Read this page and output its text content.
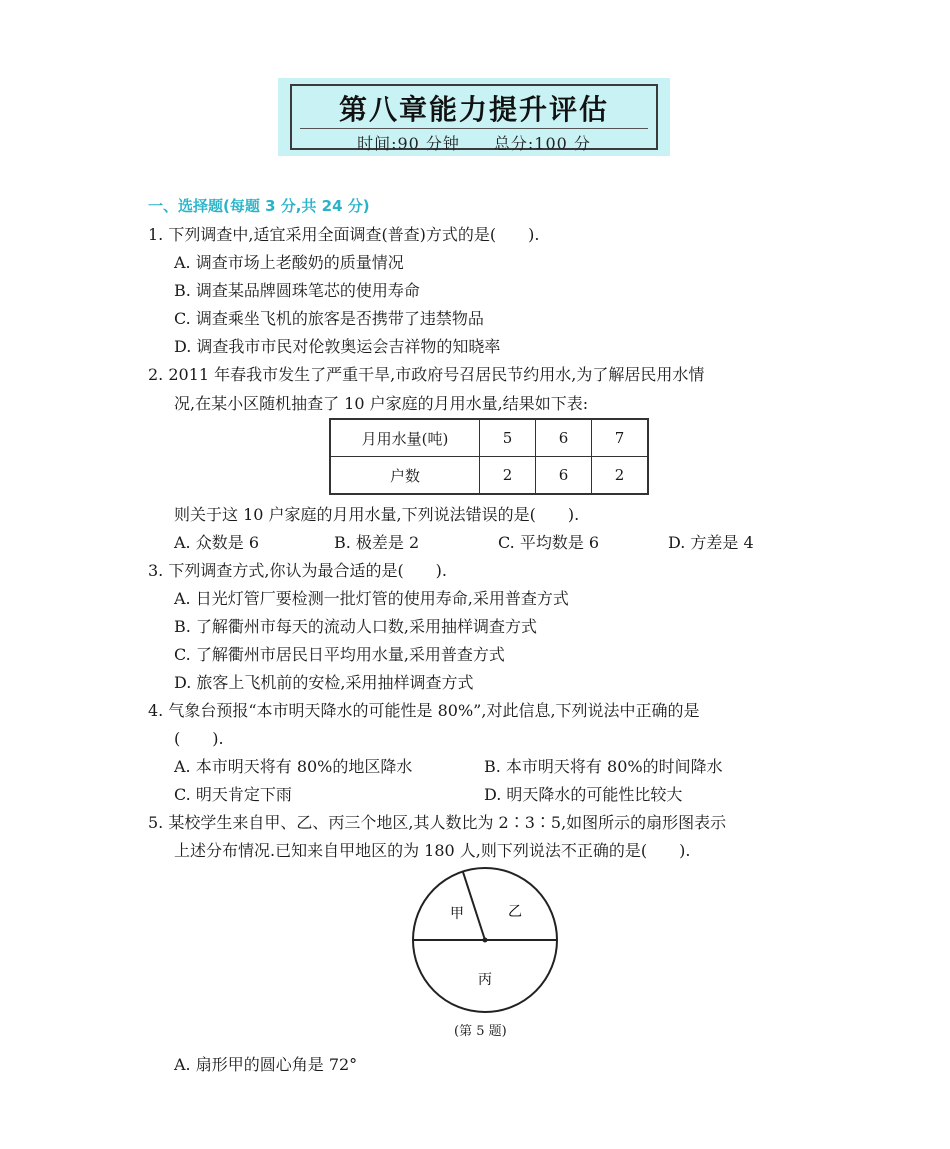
第八章能力提升评估
时间:90 分钟　　总分:100 分
一、选择题(每题 3 分,共 24 分)
1. 下列调查中,适宜采用全面调查(普查)方式的是(　　).
A. 调查市场上老酸奶的质量情况
B. 调查某品牌圆珠笔芯的使用寿命
C. 调查乘坐飞机的旅客是否携带了违禁物品
D. 调查我市市民对伦敦奥运会吉祥物的知晓率
2. 2011 年春我市发生了严重干旱,市政府号召居民节约用水,为了解居民用水情
况,在某小区随机抽查了 10 户家庭的月用水量,结果如下表:
月用水量(吨)	5	6	7
户数	2	6	2
则关于这 10 户家庭的月用水量,下列说法错误的是(　　).
A. 众数是 6	B. 极差是 2	C. 平均数是 6	D. 方差是 4
3. 下列调查方式,你认为最合适的是(　　).
A. 日光灯管厂要检测一批灯管的使用寿命,采用普查方式
B. 了解衢州市每天的流动人口数,采用抽样调查方式
C. 了解衢州市居民日平均用水量,采用普查方式
D. 旅客上飞机前的安检,采用抽样调查方式
4. 气象台预报“本市明天降水的可能性是 80%”,对此信息,下列说法中正确的是
(　　).
A. 本市明天将有 80%的地区降水	B. 本市明天将有 80%的时间降水
C. 明天肯定下雨	D. 明天降水的可能性比较大
5. 某校学生来自甲、乙、丙三个地区,其人数比为 2∶3∶5,如图所示的扇形图表示
上述分布情况.已知来自甲地区的为 180 人,则下列说法不正确的是(　　).
甲	乙
丙
(第 5 题)
A. 扇形甲的圆心角是 72°
